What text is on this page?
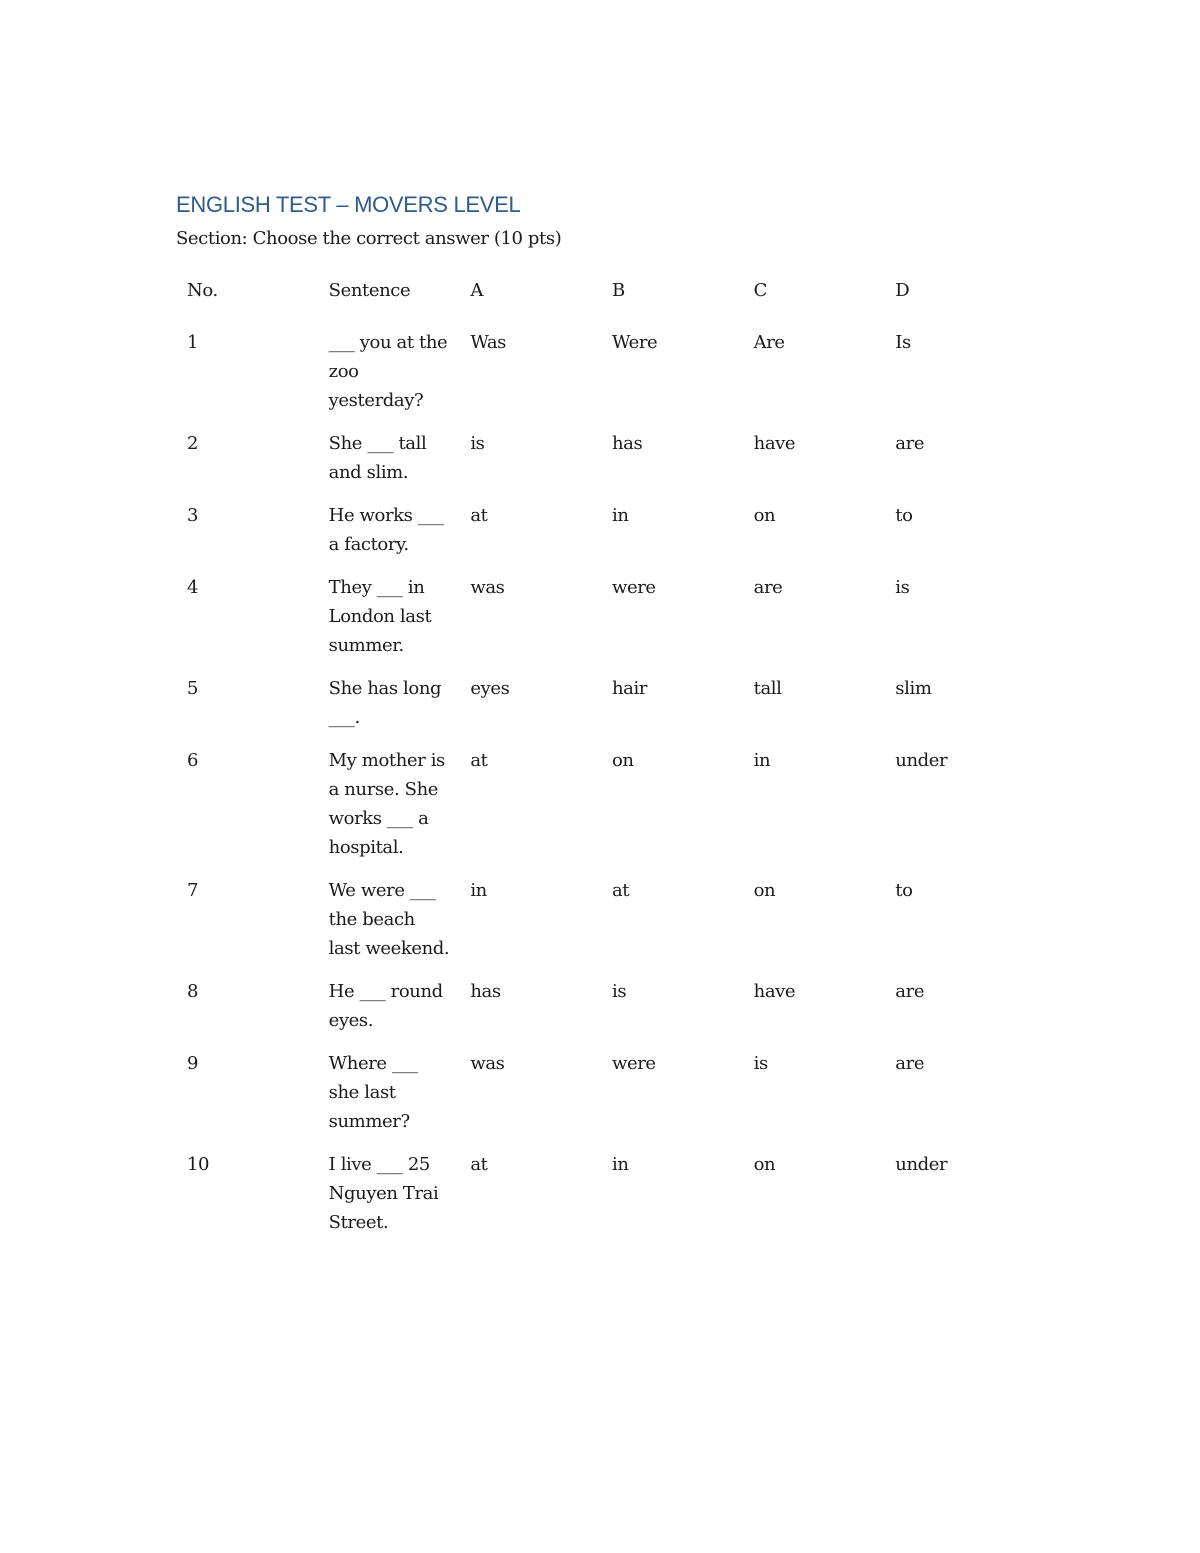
ENGLISH TEST – MOVERS LEVEL
Section: Choose the correct answer (10 pts)
No.	Sentence	A	B	C	D
1	___ you at the zoo yesterday?	Was	Were	Are	Is
2	She ___ tall and slim.	is	has	have	are
3	He works ___ a factory.	at	in	on	to
4	They ___ in London last summer.	was	were	are	is
5	She has long ___.	eyes	hair	tall	slim
6	My mother is a nurse. She works ___ a hospital.	at	on	in	under
7	We were ___ the beach last weekend.	in	at	on	to
8	He ___ round eyes.	has	is	have	are
9	Where ___ she last summer?	was	were	is	are
10	I live ___ 25 Nguyen Trai Street.	at	in	on	under
